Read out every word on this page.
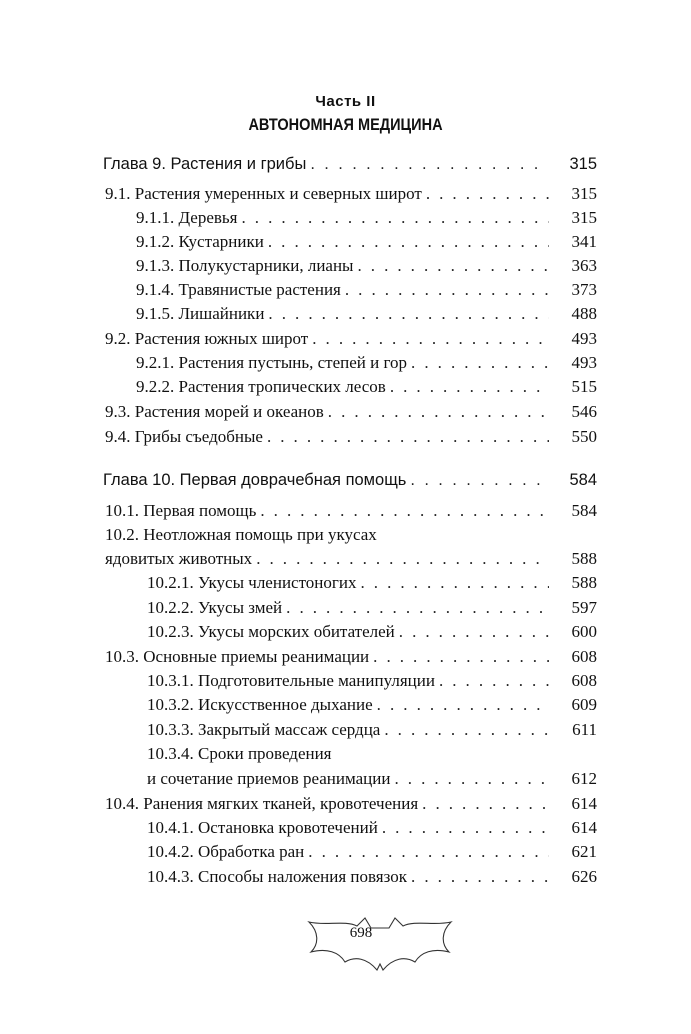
Часть II
АВТОНОМНАЯ МЕДИЦИНА
Глава 9. Растения и грибы . . .	315
9.1. Растения умеренных и северных широт . . .	315
9.1.1. Деревья . . .	315
9.1.2. Кустарники . . .	341
9.1.3. Полукустарники, лианы . . .	363
9.1.4. Травянистые растения . . .	373
9.1.5. Лишайники . . .	488
9.2. Растения южных широт . . .	493
9.2.1. Растения пустынь, степей и гор . . .	493
9.2.2. Растения тропических лесов . . .	515
9.3. Растения морей и океанов . . .	546
9.4. Грибы съедобные . . .	550
Глава 10. Первая доврачебная помощь . . .	584
10.1. Первая помощь . . .	584
10.2. Неотложная помощь при укусах
ядовитых животных . . .	588
10.2.1. Укусы членистоногих . . .	588
10.2.2. Укусы змей . . .	597
10.2.3. Укусы морских обитателей . . .	600
10.3. Основные приемы реанимации . . .	608
10.3.1. Подготовительные манипуляции . . .	608
10.3.2. Искусственное дыхание . . .	609
10.3.3. Закрытый массаж сердца . . .	611
10.3.4. Сроки проведения
и сочетание приемов реанимации . . .	612
10.4. Ранения мягких тканей, кровотечения . . .	614
10.4.1. Остановка кровотечений . . .	614
10.4.2. Обработка ран . . .	621
10.4.3. Способы наложения повязок . . .	626
698
